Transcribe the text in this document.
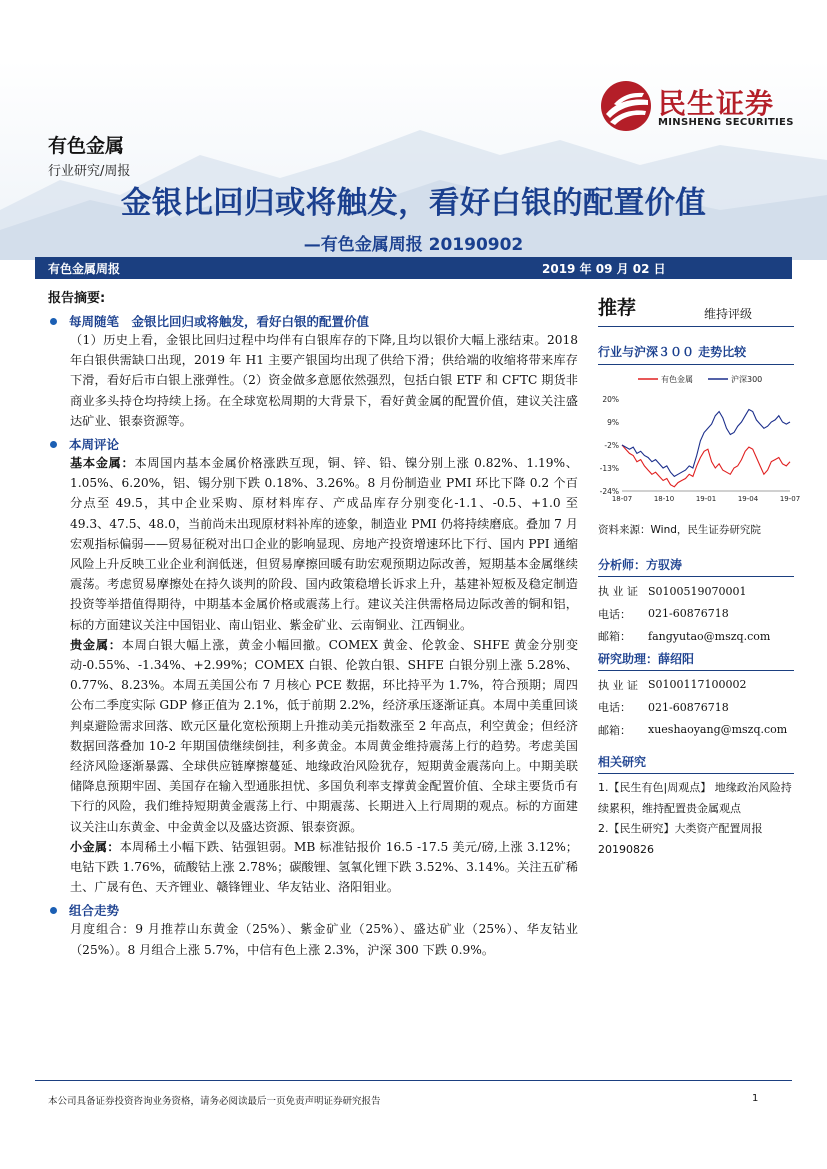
民生证券
MINSHENG SECURITIES
有色金属
行业研究/周报
金银比回归或将触发，看好白银的配置价值
—有色金属周报 20190902
有色金属周报	2019 年 09 月 02 日
报告摘要:
每周随笔　金银比回归或将触发，看好白银的配置价值

（1）历史上看，金银比回归过程中均伴有白银库存的下降,且均以银价大幅上涨结束。2018 年白银供需缺口出现，2019 年 H1 主要产银国均出现了供给下滑；供给端的收缩将带来库存下滑，看好后市白银上涨弹性。（2）资金做多意愿依然强烈，包括白银 ETF 和 CFTC 期货非商业多头持仓均持续上扬。在全球宽松周期的大背景下，看好黄金属的配置价值，建议关注盛达矿业、银泰资源等。

本周评论

基本金属：本周国内基本金属价格涨跌互现，铜、锌、铅、镍分别上涨 0.82%、1.19%、1.05%、6.20%，铝、锡分别下跌 0.18%、3.26%。8 月份制造业 PMI 环比下降 0.2 个百分点至 49.5，其中企业采购、原材料库存、产成品库存分别变化-1.1、-0.5、+1.0 至 49.3、47.5、48.0，当前尚未出现原材料补库的迹象，制造业 PMI 仍将持续磨底。叠加 7 月宏观指标偏弱——贸易征税对出口企业的影响显现、房地产投资增速环比下行、国内 PPI 通缩风险上升反映工业企业利润低迷，但贸易摩擦回暖有助宏观预期边际改善，短期基本金属继续震荡。考虑贸易摩擦处在持久谈判的阶段、国内政策稳增长诉求上升，基建补短板及稳定制造投资等举措值得期待，中期基本金属价格或震荡上行。建议关注供需格局边际改善的铜和铝，标的方面建议关注中国铝业、南山铝业、紫金矿业、云南铜业、江西铜业。

贵金属：本周白银大幅上涨，黄金小幅回撤。COMEX 黄金、伦敦金、SHFE 黄金分别变动-0.55%、-1.34%、+2.99%；COMEX 白银、伦敦白银、SHFE 白银分别上涨 5.28%、0.77%、8.23%。本周五美国公布 7 月核心 PCE 数据，环比持平为 1.7%，符合预期；周四公布二季度实际 GDP 修正值为 2.1%，低于前期 2.2%，经济承压逐渐证真。本周中美重回谈判桌避险需求回落、欧元区量化宽松预期上升推动美元指数涨至 2 年高点，利空黄金；但经济数据回落叠加 10-2 年期国债继续倒挂，利多黄金。本周黄金维持震荡上行的趋势。考虑美国经济风险逐渐暴露、全球供应链摩擦蔓延、地缘政治风险犹存，短期黄金震荡向上。中期美联储降息预期牢固、美国存在输入型通胀担忧、多国负利率支撑黄金配置价值、全球主要货币有下行的风险，我们维持短期黄金震荡上行、中期震荡、长期进入上行周期的观点。标的方面建议关注山东黄金、中金黄金以及盛达资源、银泰资源。

小金属：本周稀土小幅下跌、钴强钽弱。MB 标准钴报价 16.5 -17.5 美元/磅,上涨 3.12%；电钴下跌 1.76%，硫酸钴上涨 2.78%；碳酸锂、氢氧化锂下跌 3.52%、3.14%。关注五矿稀土、广晟有色、天齐锂业、赣锋锂业、华友钴业、洛阳钼业。

组合走势

月度组合：9 月推荐山东黄金（25%）、紫金矿业（25%）、盛达矿业（25%）、华友钴业（25%）。8 月组合上涨 5.7%，中信有色上涨 2.3%，沪深 300 下跌 0.9%。

推荐	维持评级
行业与沪深３００ 走势比较
有色金属	沪深300
20%
9%
-2%
-13%
-24%
18-07	18-10	19-01	19-04	19-07
资料来源：Wind，民生证券研究院
分析师：方驭涛
执 业 证 S0100519070001
电话：	021-60876718
邮箱：	fangyutao@mszq.com
研究助理：薛绍阳
执 业 证 S0100117100002
电话：	021-60876718
邮箱：	xueshaoyang@mszq.com
相关研究
1.【民生有色|周观点】 地缘政治风险持续累积，维持配置贵金属观点
2.【民生研究】大类资产配置周报 20190826
本公司具备证券投资咨询业务资格，请务必阅读最后一页免责声明证券研究报告	1
